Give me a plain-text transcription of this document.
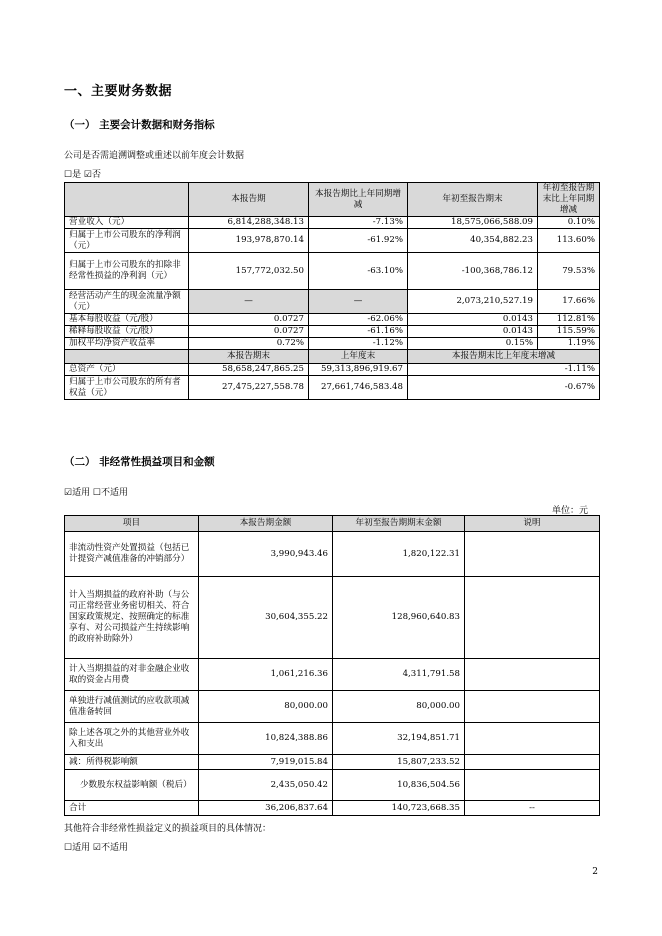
一、主要财务数据
（一） 主要会计数据和财务指标
公司是否需追溯调整或重述以前年度会计数据
☐是 ☑否
	本报告期	本报告期比上年同期增减	年初至报告期末	年初至报告期末比上年同期增减
营业收入（元）	6,814,288,348.13	-7.13%	18,575,066,588.09	0.10%
归属于上市公司股东的净利润（元）	193,978,870.14	-61.92%	40,354,882.23	113.60%
归属于上市公司股东的扣除非经常性损益的净利润（元）	157,772,032.50	-63.10%	-100,368,786.12	79.53%
经营活动产生的现金流量净额（元）	—	—	2,073,210,527.19	17.66%
基本每股收益（元/股）	0.0727	-62.06%	0.0143	112.81%
稀释每股收益（元/股）	0.0727	-61.16%	0.0143	115.59%
加权平均净资产收益率	0.72%	-1.12%	0.15%	1.19%
	本报告期末	上年度末	本报告期末比上年度末增减	
总资产（元）	58,658,247,865.25	59,313,896,919.67	-1.11%	
归属于上市公司股东的所有者权益（元）	27,475,227,558.78	27,661,746,583.48	-0.67%	
（二） 非经常性损益项目和金额
☑适用 ☐不适用
单位：元
项目	本报告期金额	年初至报告期期末金额	说明
非流动性资产处置损益（包括已计提资产减值准备的冲销部分）	3,990,943.46	1,820,122.31	
计入当期损益的政府补助（与公司正常经营业务密切相关、符合国家政策规定、按照确定的标准享有、对公司损益产生持续影响的政府补助除外）	30,604,355.22	128,960,640.83	
计入当期损益的对非金融企业收取的资金占用费	1,061,216.36	4,311,791.58	
单独进行减值测试的应收款项减值准备转回	80,000.00	80,000.00	
除上述各项之外的其他营业外收入和支出	10,824,388.86	32,194,851.71	
减：所得税影响额	7,919,015.84	15,807,233.52	
少数股东权益影响额（税后）	2,435,050.42	10,836,504.56	
合计	36,206,837.64	140,723,668.35	--
其他符合非经常性损益定义的损益项目的具体情况：
☐适用 ☑不适用
2
